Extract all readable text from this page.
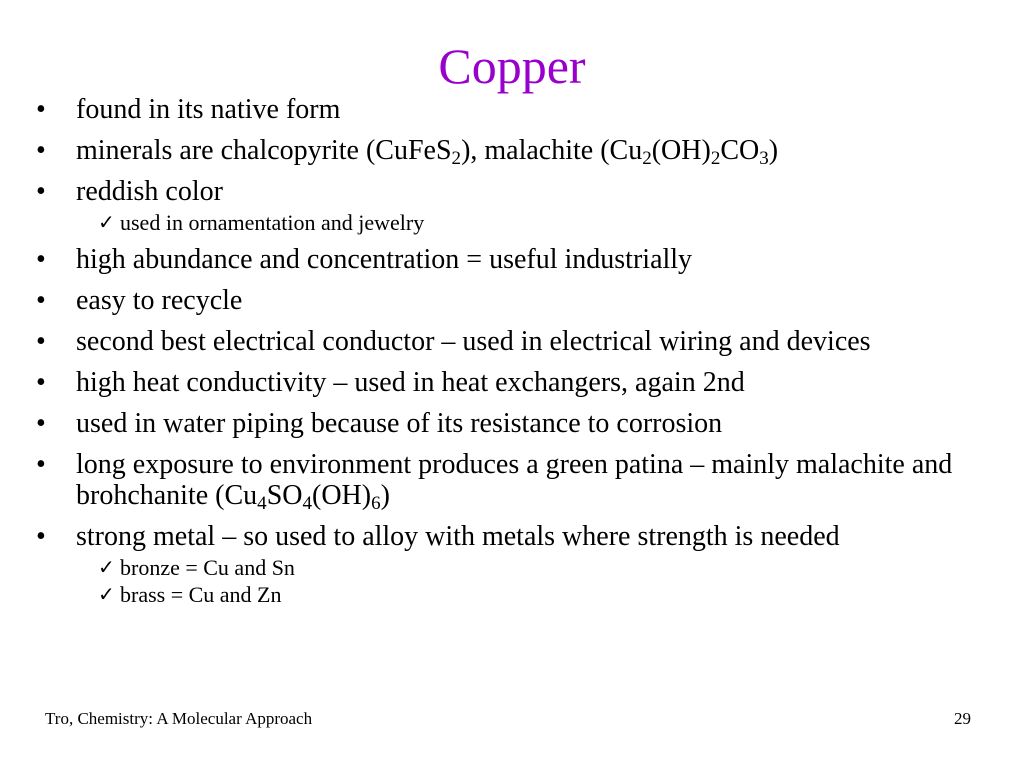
Copper
• found in its native form
• minerals are chalcopyrite (CuFeS$_2$), malachite $(Cu_2(OH)_2CO_3)$
• reddish color
✓ used in ornamentation and jewelry
• high abundance and concentration = useful industrially
• easy to recycle
• second best electrical conductor – used in electrical wiring and devices
• high heat conductivity – used in heat exchangers, again 2nd
• used in water piping because of its resistance to corrosion
• long exposure to environment produces a green patina – mainly malachite and brohchanite $(Cu_4SO_4(OH)_6)$
• strong metal – so used to alloy with metals where strength is needed
✓ bronze = Cu and Sn
✓ brass = Cu and Zn
Tro, Chemistry: A Molecular Approach	29
